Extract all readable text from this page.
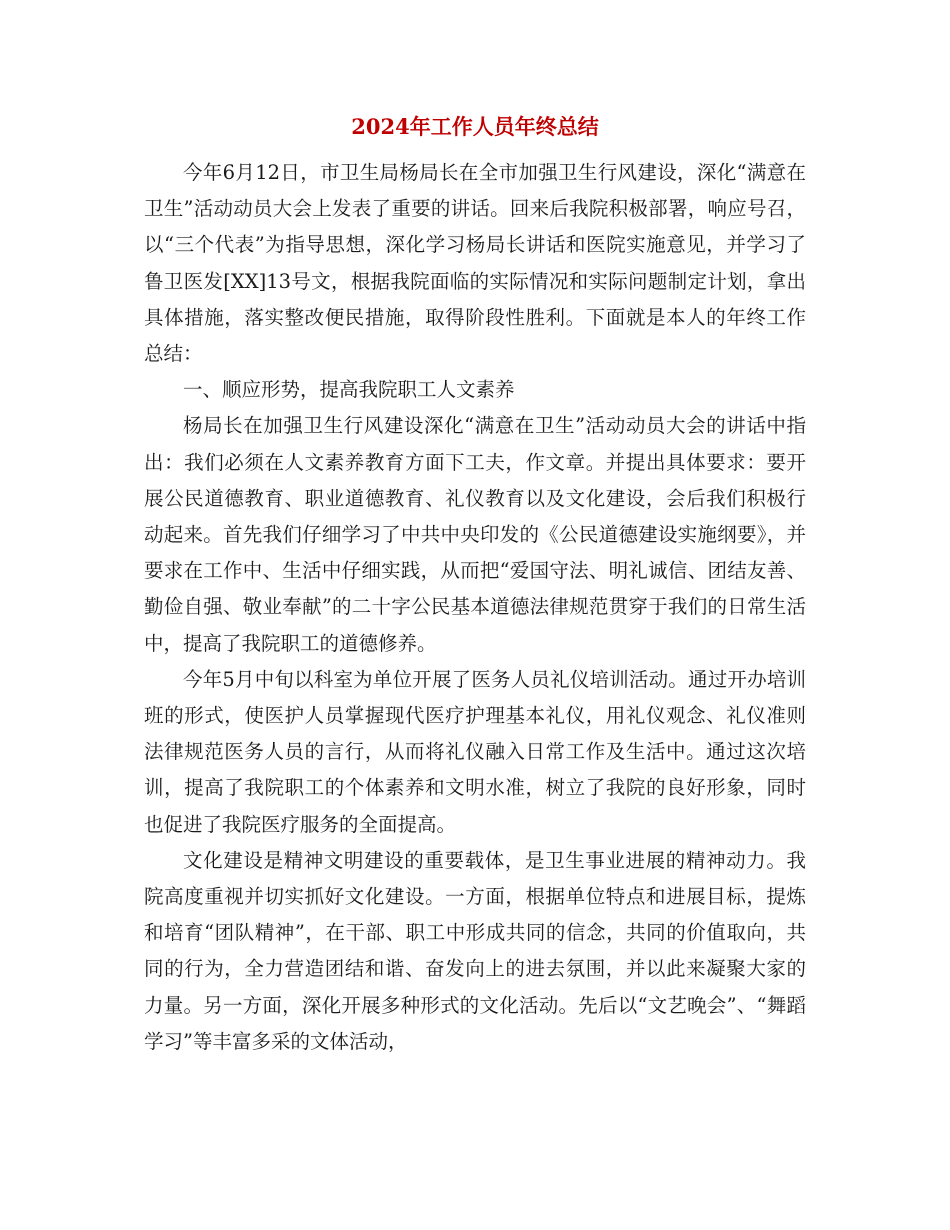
2024年工作人员年终总结

今年6月12日，市卫生局杨局长在全市加强卫生行风建设，深化“满意在卫生”活动动员大会上发表了重要的讲话。回来后我院积极部署，响应号召，以“三个代表”为指导思想，深化学习杨局长讲话和医院实施意见，并学习了鲁卫医发[XX]13号文，根据我院面临的实际情况和实际问题制定计划，拿出具体措施，落实整改便民措施，取得阶段性胜利。下面就是本人的年终工作总结：

一、顺应形势，提高我院职工人文素养

杨局长在加强卫生行风建设深化“满意在卫生”活动动员大会的讲话中指出：我们必须在人文素养教育方面下工夫，作文章。并提出具体要求：要开展公民道德教育、职业道德教育、礼仪教育以及文化建设，会后我们积极行动起来。首先我们仔细学习了中共中央印发的《公民道德建设实施纲要》，并要求在工作中、生活中仔细实践，从而把“爱国守法、明礼诚信、团结友善、勤俭自强、敬业奉献”的二十字公民基本道德法律规范贯穿于我们的日常生活中，提高了我院职工的道德修养。

今年5月中旬以科室为单位开展了医务人员礼仪培训活动。通过开办培训班的形式，使医护人员掌握现代医疗护理基本礼仪，用礼仪观念、礼仪准则法律规范医务人员的言行，从而将礼仪融入日常工作及生活中。通过这次培训，提高了我院职工的个体素养和文明水准，树立了我院的良好形象，同时也促进了我院医疗服务的全面提高。

文化建设是精神文明建设的重要载体，是卫生事业进展的精神动力。我院高度重视并切实抓好文化建设。一方面，根据单位特点和进展目标，提炼和培育“团队精神”，在干部、职工中形成共同的信念，共同的价值取向，共同的行为，全力营造团结和谐、奋发向上的进去氛围，并以此来凝聚大家的力量。另一方面，深化开展多种形式的文化活动。先后以“文艺晚会”、“舞蹈学习”等丰富多采的文体活动，
